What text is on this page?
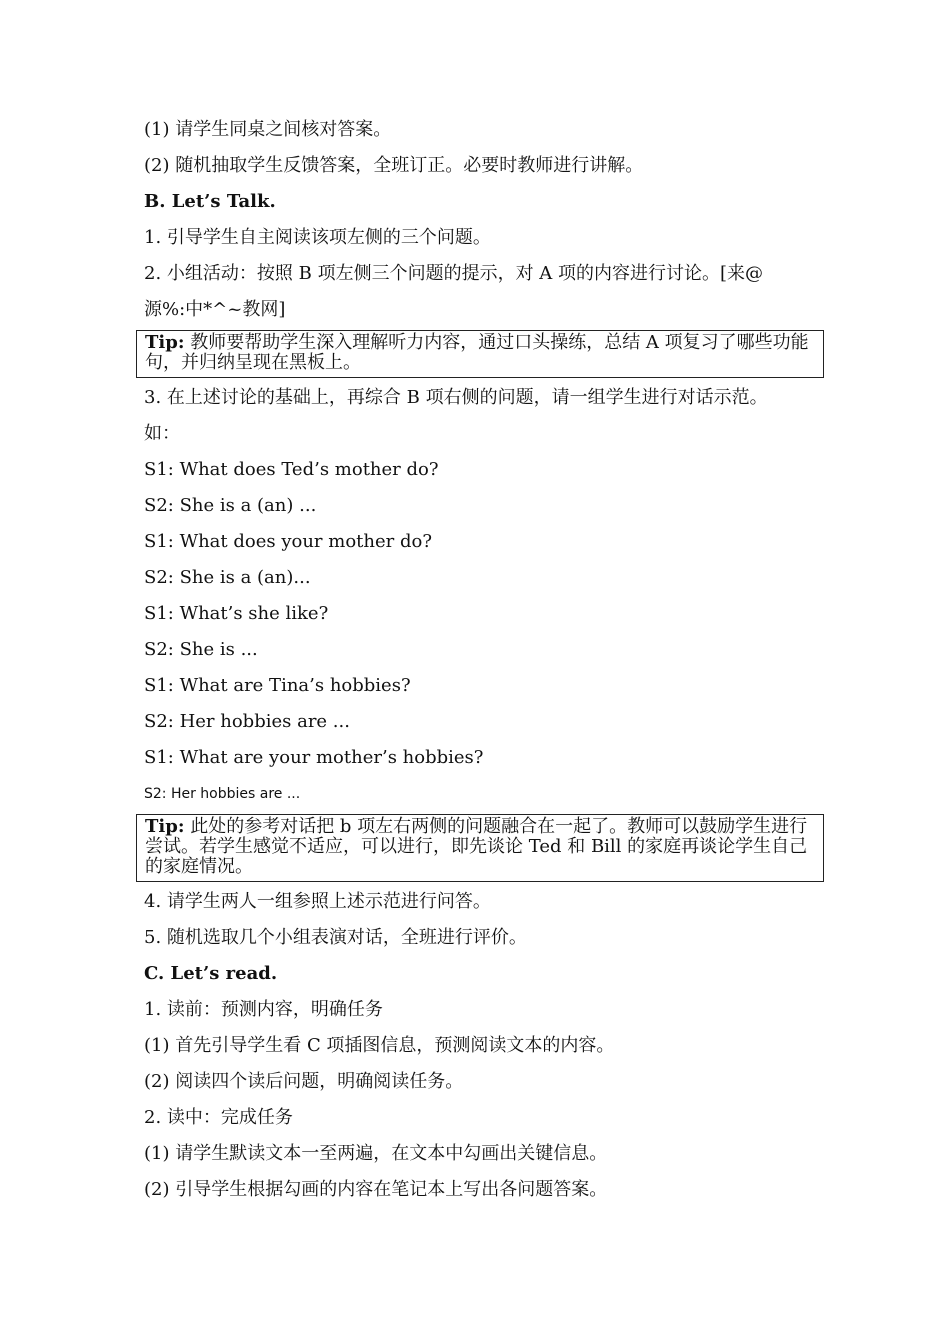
(1) 请学生同桌之间核对答案。
(2) 随机抽取学生反馈答案，全班订正。必要时教师进行讲解。
B. Let’s Talk.
1. 引导学生自主阅读该项左侧的三个问题。
2. 小组活动：按照 B 项左侧三个问题的提示，对 A 项的内容进行讨论。[来@
源%:中*^~教网]
Tip: 教师要帮助学生深入理解听力内容，通过口头操练，总结 A 项复习了哪些功能句，并归纳呈现在黑板上。
3. 在上述讨论的基础上，再综合 B 项右侧的问题，请一组学生进行对话示范。
如：
S1: What does Ted’s mother do?
S2: She is a (an) ...
S1: What does your mother do?
S2: She is a (an)...
S1: What’s she like?
S2: She is ...
S1: What are Tina’s hobbies?
S2: Her hobbies are ...
S1: What are your mother’s hobbies?
S2: Her hobbies are ...
Tip: 此处的参考对话把 b 项左右两侧的问题融合在一起了。教师可以鼓励学生进行尝试。若学生感觉不适应，可以进行，即先谈论 Ted 和 Bill 的家庭再谈论学生自己的家庭情况。
4. 请学生两人一组参照上述示范进行问答。
5. 随机选取几个小组表演对话，全班进行评价。
C. Let’s read.
1. 读前：预测内容，明确任务
(1) 首先引导学生看 C 项插图信息，预测阅读文本的内容。
(2) 阅读四个读后问题，明确阅读任务。
2. 读中：完成任务
(1) 请学生默读文本一至两遍，在文本中勾画出关键信息。
(2) 引导学生根据勾画的内容在笔记本上写出各问题答案。
